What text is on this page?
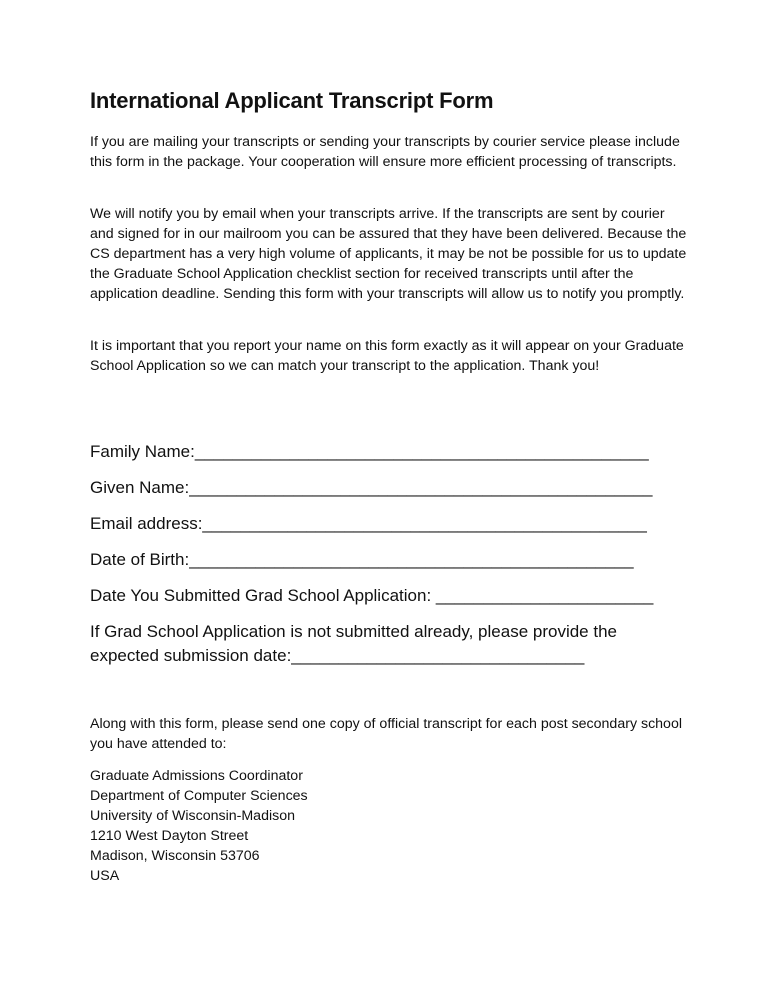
International Applicant Transcript Form

If you are mailing your transcripts or sending your transcripts by courier service please include this form in the package. Your cooperation will ensure more efficient processing of transcripts.

We will notify you by email when your transcripts arrive. If the transcripts are sent by courier and signed for in our mailroom you can be assured that they have been delivered. Because the CS department has a very high volume of applicants, it may be not be possible for us to update the Graduate School Application checklist section for received transcripts until after the application deadline. Sending this form with your transcripts will allow us to notify you promptly.

It is important that you report your name on this form exactly as it will appear on your Graduate School Application so we can match your transcript to the application. Thank you!

Family Name:________________________________________________

Given Name:_________________________________________________

Email address:_______________________________________________

Date of Birth:_______________________________________________

Date You Submitted Grad School Application: _______________________

If Grad School Application is not submitted already, please provide the
expected submission date:_______________________________

Along with this form, please send one copy of official transcript for each post secondary school you have attended to:

Graduate Admissions Coordinator
Department of Computer Sciences
University of Wisconsin-Madison
1210 West Dayton Street
Madison, Wisconsin 53706
USA
